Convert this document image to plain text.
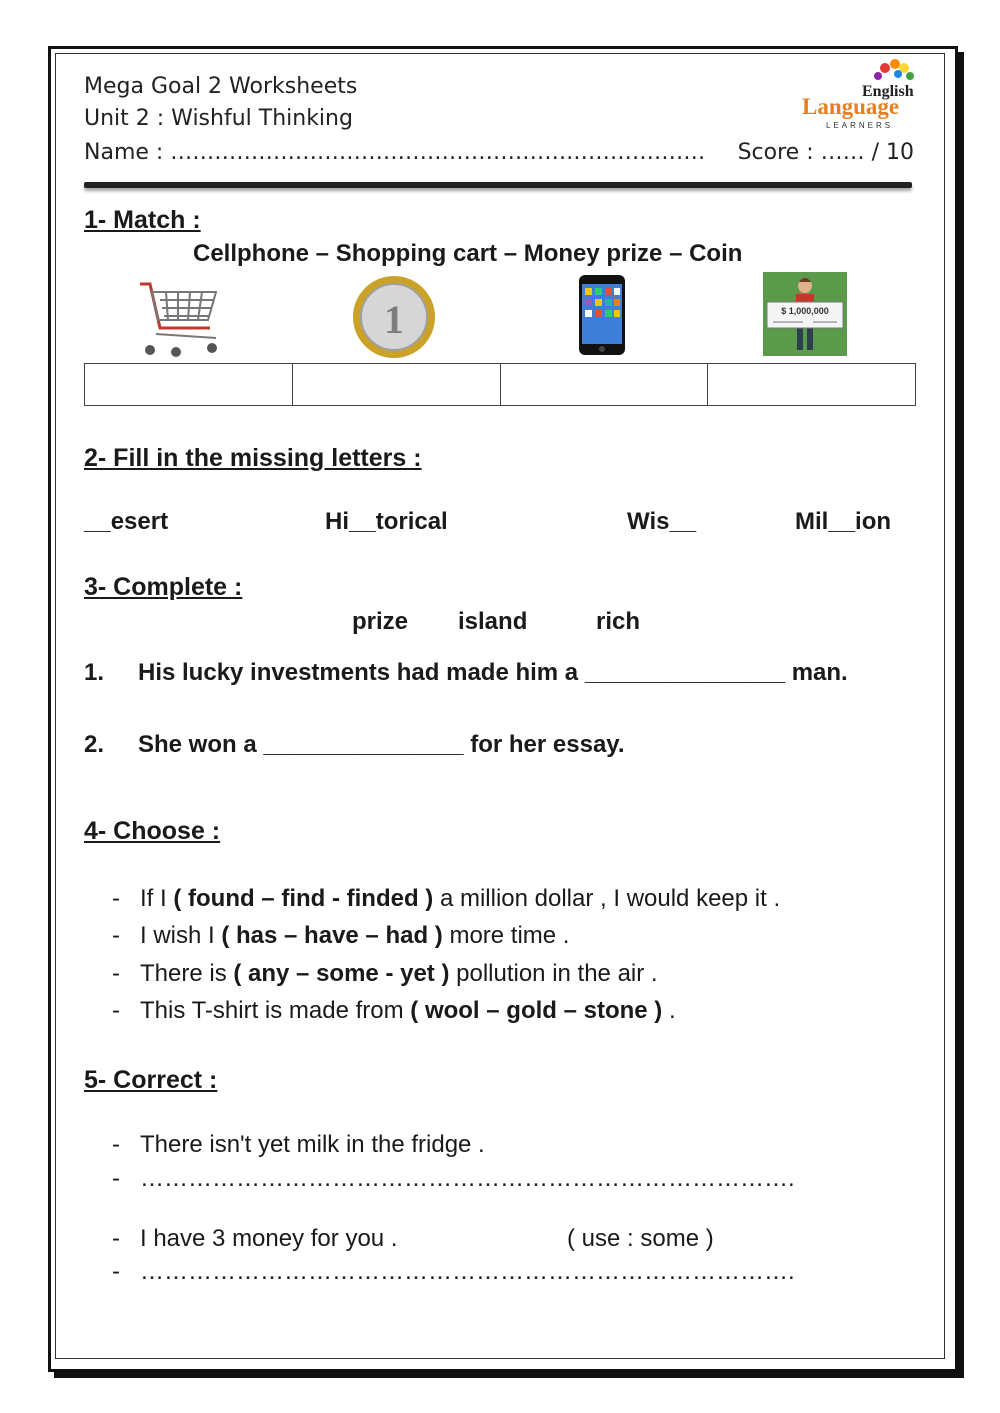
Mega Goal 2 Worksheets
Unit 2 : Wishful Thinking
Name : ……………………………………………….……………… Score : …… / 10
English
Language
LEARNERS
1- Match :
Cellphone – Shopping cart – Money prize – Coin
1	$ 1,000,000

2- Fill in the missing letters :
__esert	Hi__torical	Wis__	Mil__ion
3- Complete :
prize island	rich
1. His lucky investments had made him a _______________ man.
2. She won a _______________ for her essay.
4- Choose :
-   If I ( found – find - finded ) a million dollar , I would keep it .
-   I wish I ( has – have – had ) more time .
-   There is ( any – some - yet ) pollution in the air .
-   This T-shirt is made from ( wool – gold – stone ) .
5- Correct :
-   There isn't yet milk in the fridge .
-   ……………………………………………………………………….
-   I have 3 money for you .	( use : some )
-   ……………………………………………………………………….
